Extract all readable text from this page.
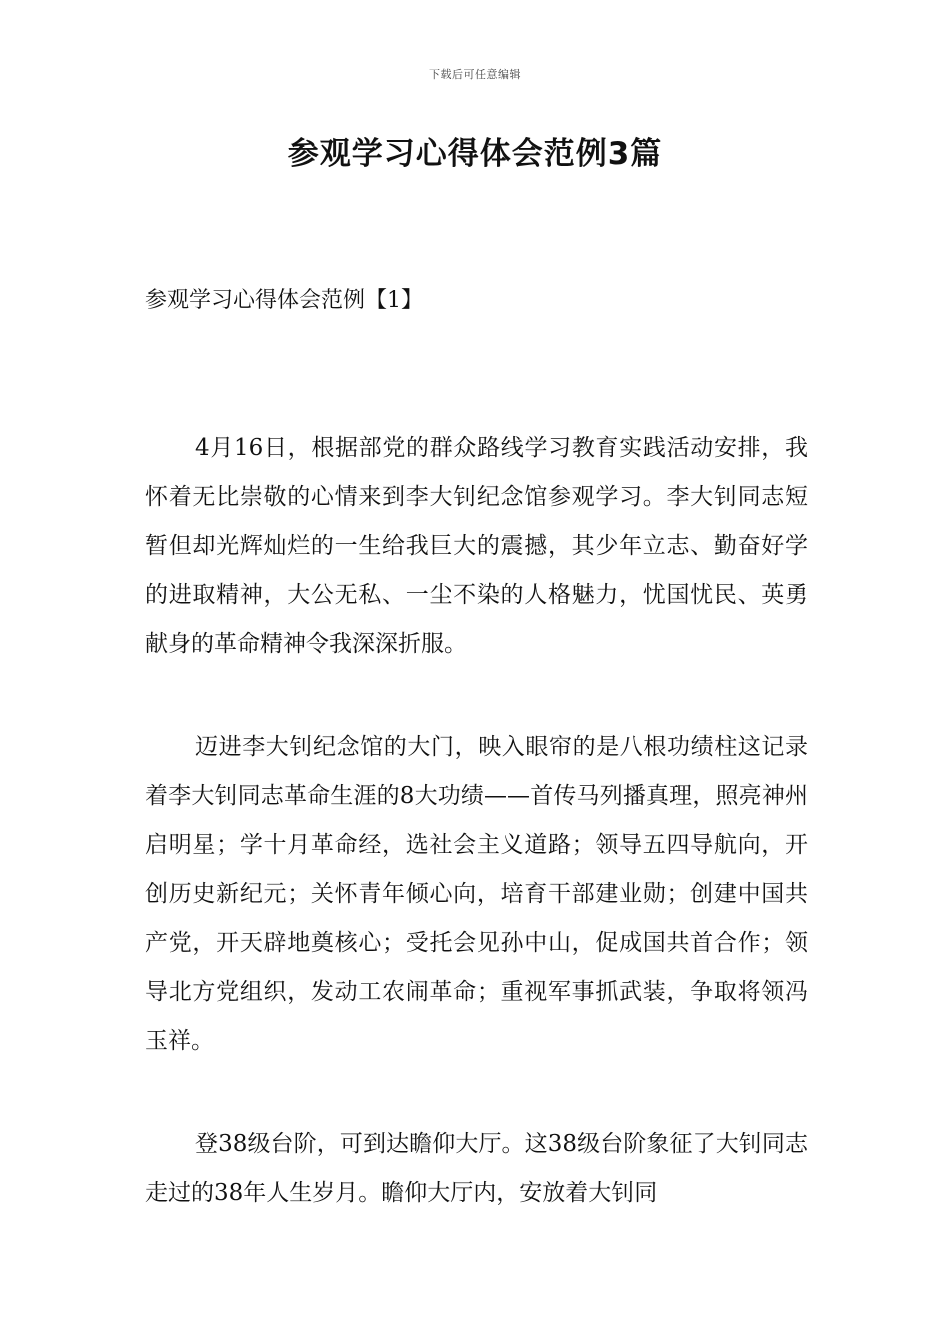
下载后可任意编辑
参观学习心得体会范例3篇
参观学习心得体会范例【1】

4月16日，根据部党的群众路线学习教育实践活动安排，我怀着无比崇敬的心情来到李大钊纪念馆参观学习。李大钊同志短暂但却光辉灿烂的一生给我巨大的震撼，其少年立志、勤奋好学的进取精神，大公无私、一尘不染的人格魅力，忧国忧民、英勇献身的革命精神令我深深折服。

迈进李大钊纪念馆的大门，映入眼帘的是八根功绩柱这记录着李大钊同志革命生涯的8大功绩——首传马列播真理，照亮神州启明星；学十月革命经，选社会主义道路；领导五四导航向，开创历史新纪元；关怀青年倾心向，培育干部建业勋；创建中国共产党，开天辟地奠核心；受托会见孙中山，促成国共首合作；领导北方党组织，发动工农闹革命；重视军事抓武装，争取将领冯玉祥。

登38级台阶，可到达瞻仰大厅。这38级台阶象征了大钊同志走过的38年人生岁月。瞻仰大厅内，安放着大钊同
